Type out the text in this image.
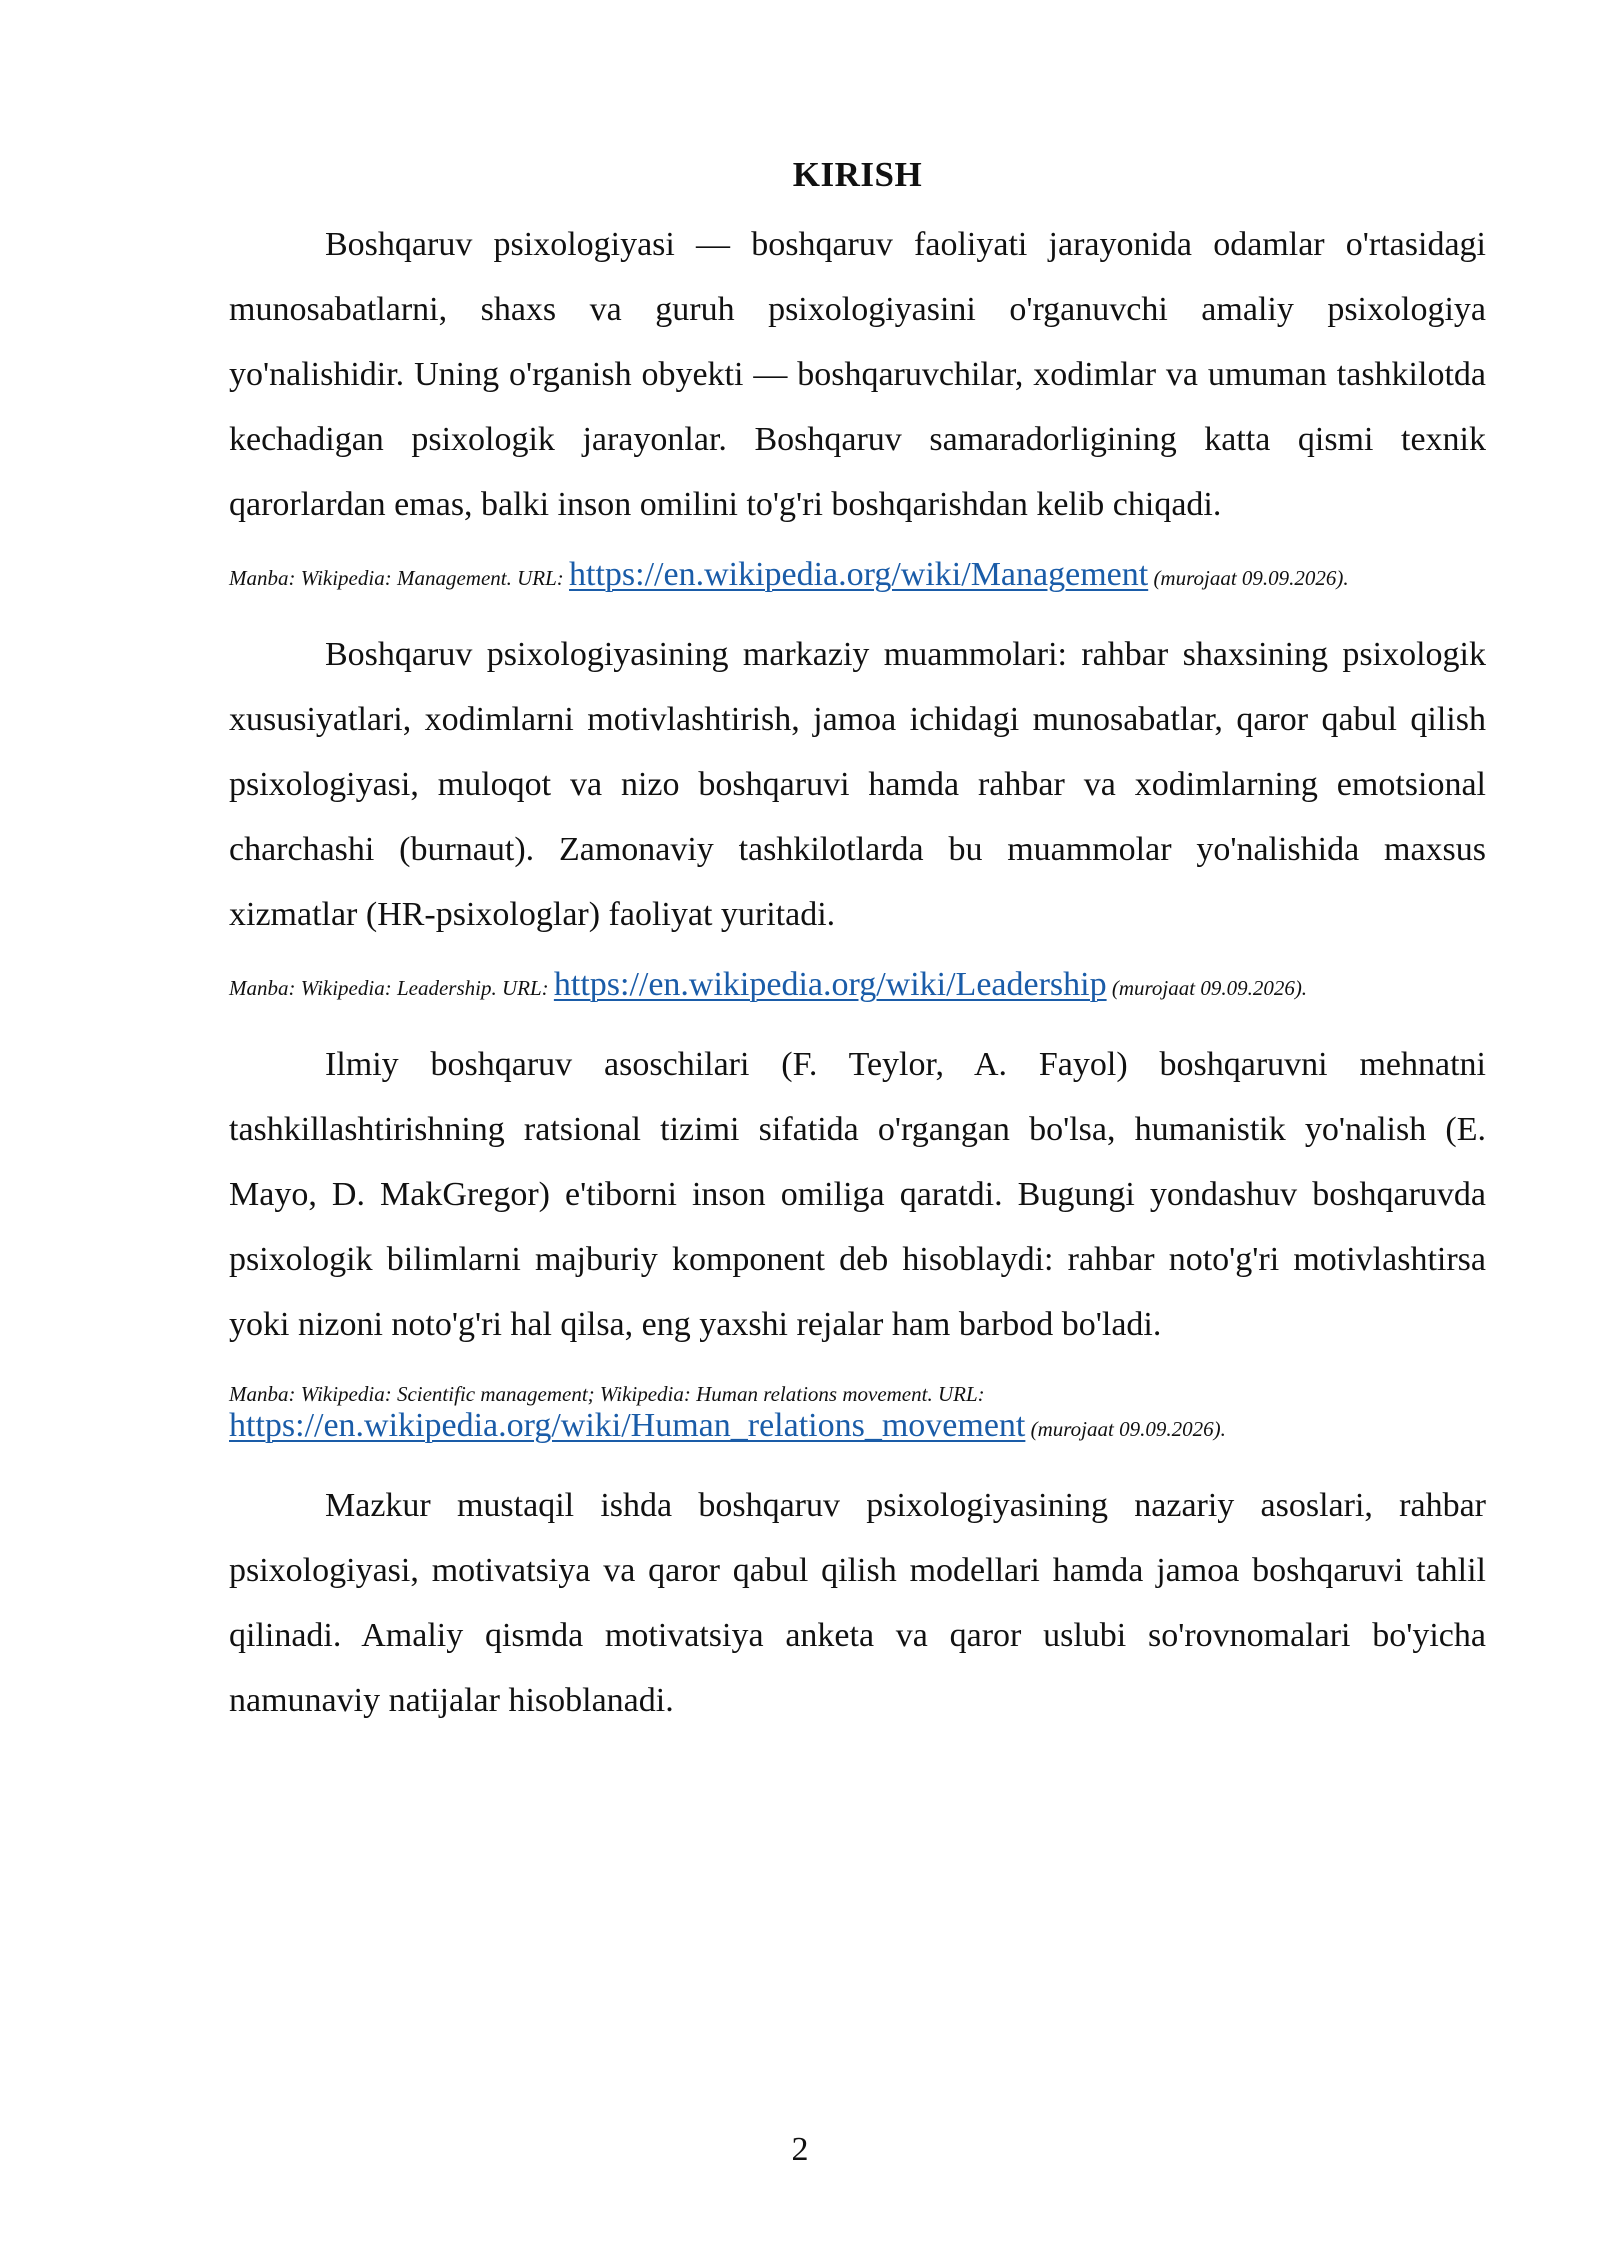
KIRISH

Boshqaruv psixologiyasi — boshqaruv faoliyati jarayonida odamlar o'rtasidagi munosabatlarni, shaxs va guruh psixologiyasini o'rganuvchi amaliy psixologiya yo'nalishidir. Uning o'rganish obyekti — boshqaruvchilar, xodimlar va umuman tashkilotda kechadigan psixologik jarayonlar. Boshqaruv samaradorligining katta qismi texnik qarorlardan emas, balki inson omilini to'g'ri boshqarishdan kelib chiqadi.

Manba: Wikipedia: Management. URL: https://en.wikipedia.org/wiki/Management (murojaat 09.09.2026).

Boshqaruv psixologiyasining markaziy muammolari: rahbar shaxsining psixologik xususiyatlari, xodimlarni motivlashtirish, jamoa ichidagi munosabatlar, qaror qabul qilish psixologiyasi, muloqot va nizo boshqaruvi hamda rahbar va xodimlarning emotsional charchashi (burnaut). Zamonaviy tashkilotlarda bu muammolar yo'nalishida maxsus xizmatlar (HR-psixologlar) faoliyat yuritadi.

Manba: Wikipedia: Leadership. URL: https://en.wikipedia.org/wiki/Leadership (murojaat 09.09.2026).

Ilmiy boshqaruv asoschilari (F. Teylor, A. Fayol) boshqaruvni mehnatni tashkillashtirishning ratsional tizimi sifatida o'rgangan bo'lsa, humanistik yo'nalish (E. Mayo, D. MakGregor) e'tiborni inson omiliga qaratdi. Bugungi yondashuv boshqaruvda psixologik bilimlarni majburiy komponent deb hisoblaydi: rahbar noto'g'ri motivlashtirsa yoki nizoni noto'g'ri hal qilsa, eng yaxshi rejalar ham barbod bo'ladi.

Manba: Wikipedia: Scientific management; Wikipedia: Human relations movement. URL: https://en.wikipedia.org/wiki/Human_relations_movement (murojaat 09.09.2026).

Mazkur mustaqil ishda boshqaruv psixologiyasining nazariy asoslari, rahbar psixologiyasi, motivatsiya va qaror qabul qilish modellari hamda jamoa boshqaruvi tahlil qilinadi. Amaliy qismda motivatsiya anketa va qaror uslubi so'rovnomalari bo'yicha namunaviy natijalar hisoblanadi.

2
